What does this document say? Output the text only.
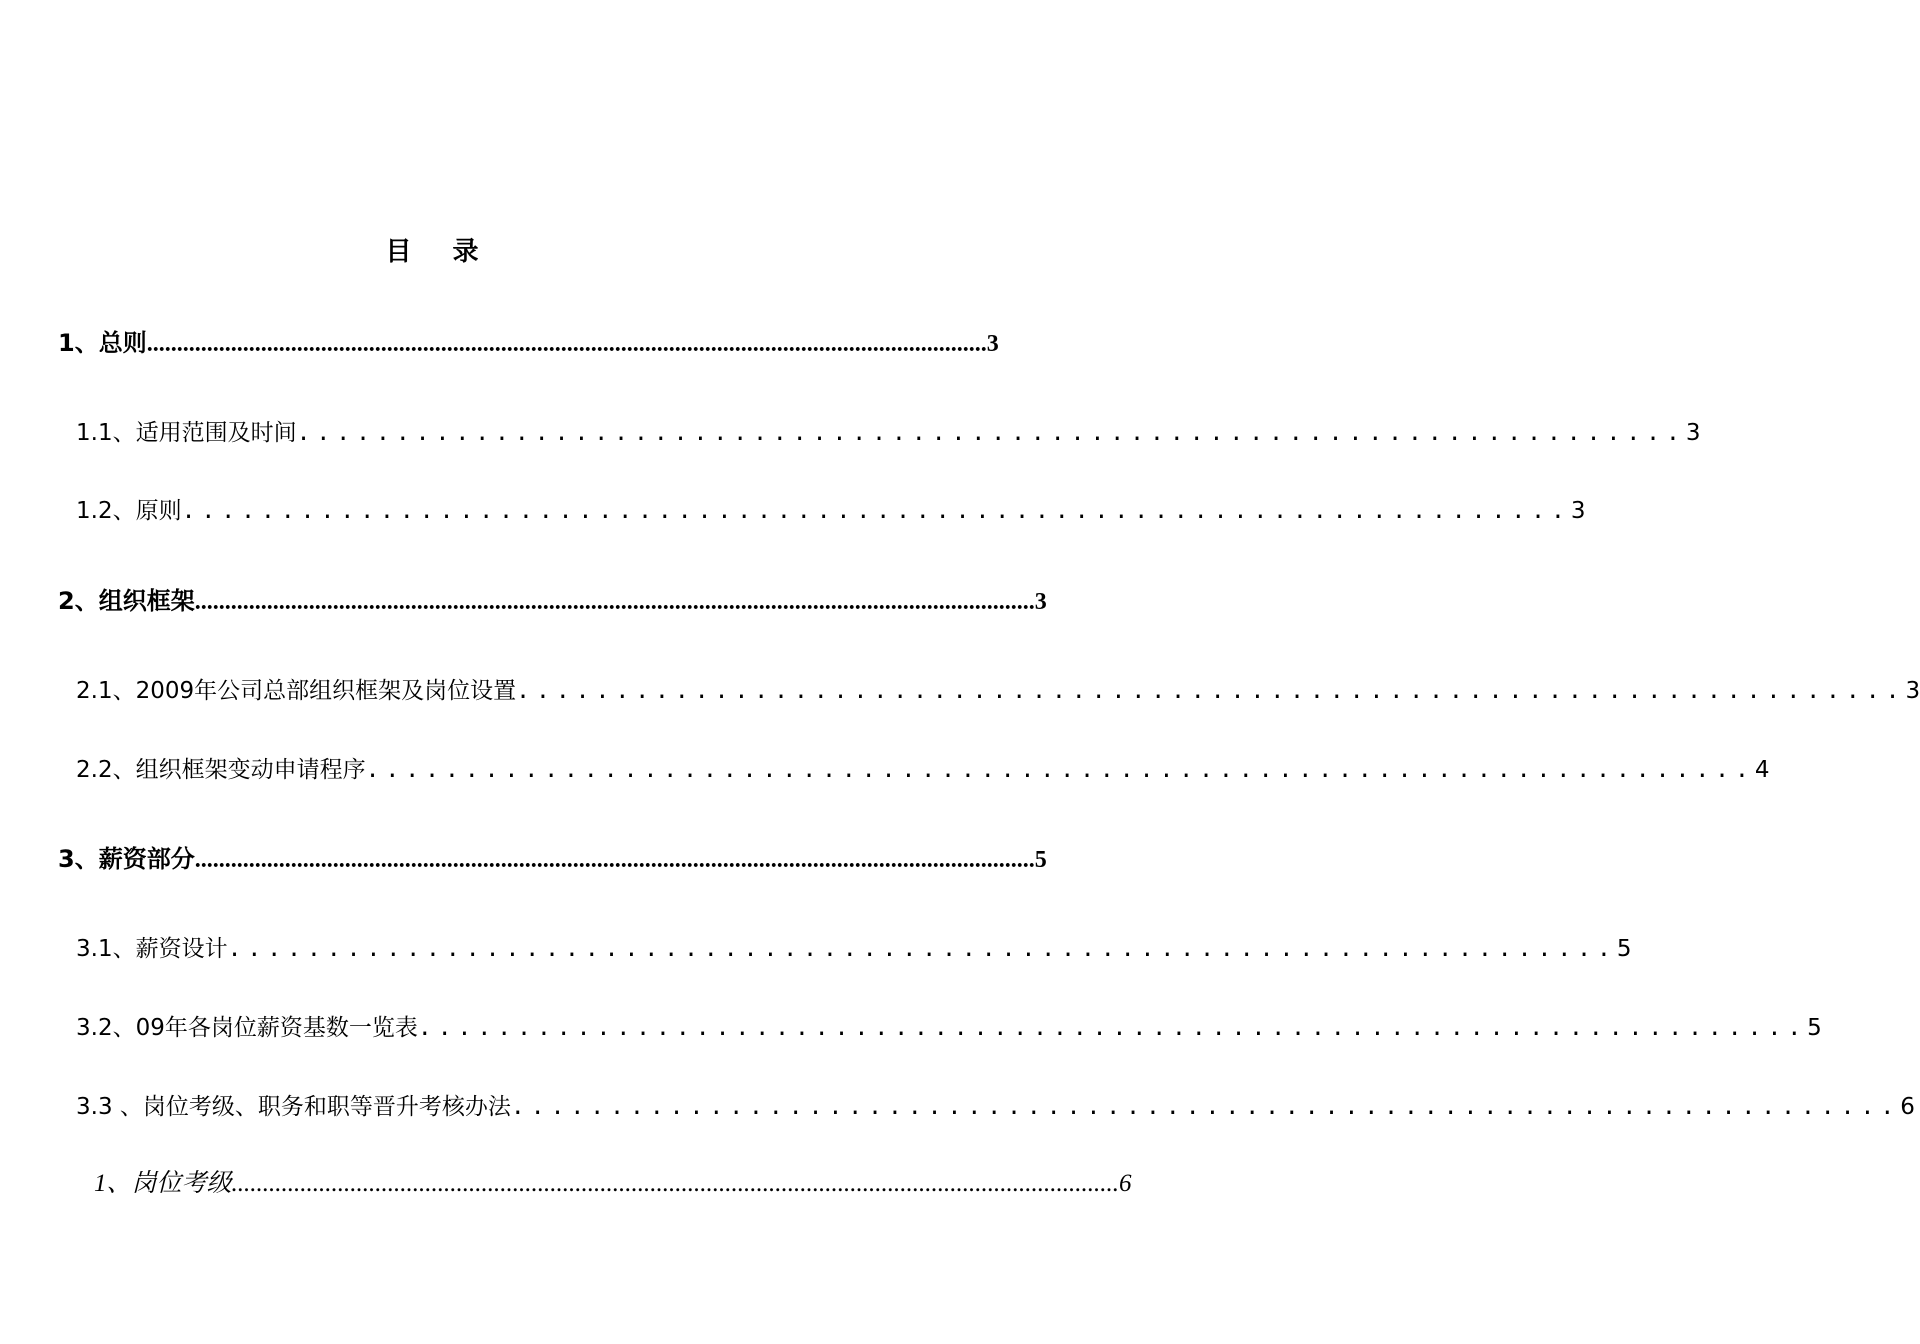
目 录
1、总则 ............................................................................................................................................ 3
1.1、适用范围及时间 ...................................................................... 3
1.2、原则 ...................................................................... 3
2、组织框架 ............................................................................................................................................ 3
2.1、2009年公司总部组织框架及岗位设置 ...................................................................... 3
2.2、组织框架变动申请程序 ...................................................................... 4
3、薪资部分 ............................................................................................................................................ 5
3.1、薪资设计 ...................................................................... 5
3.2、09年各岗位薪资基数一览表 ...................................................................... 5
3.3 、岗位考级、职务和职等晋升考核办法 ...................................................................... 6
1、岗位考级 .............................................................................................................................................. 6
